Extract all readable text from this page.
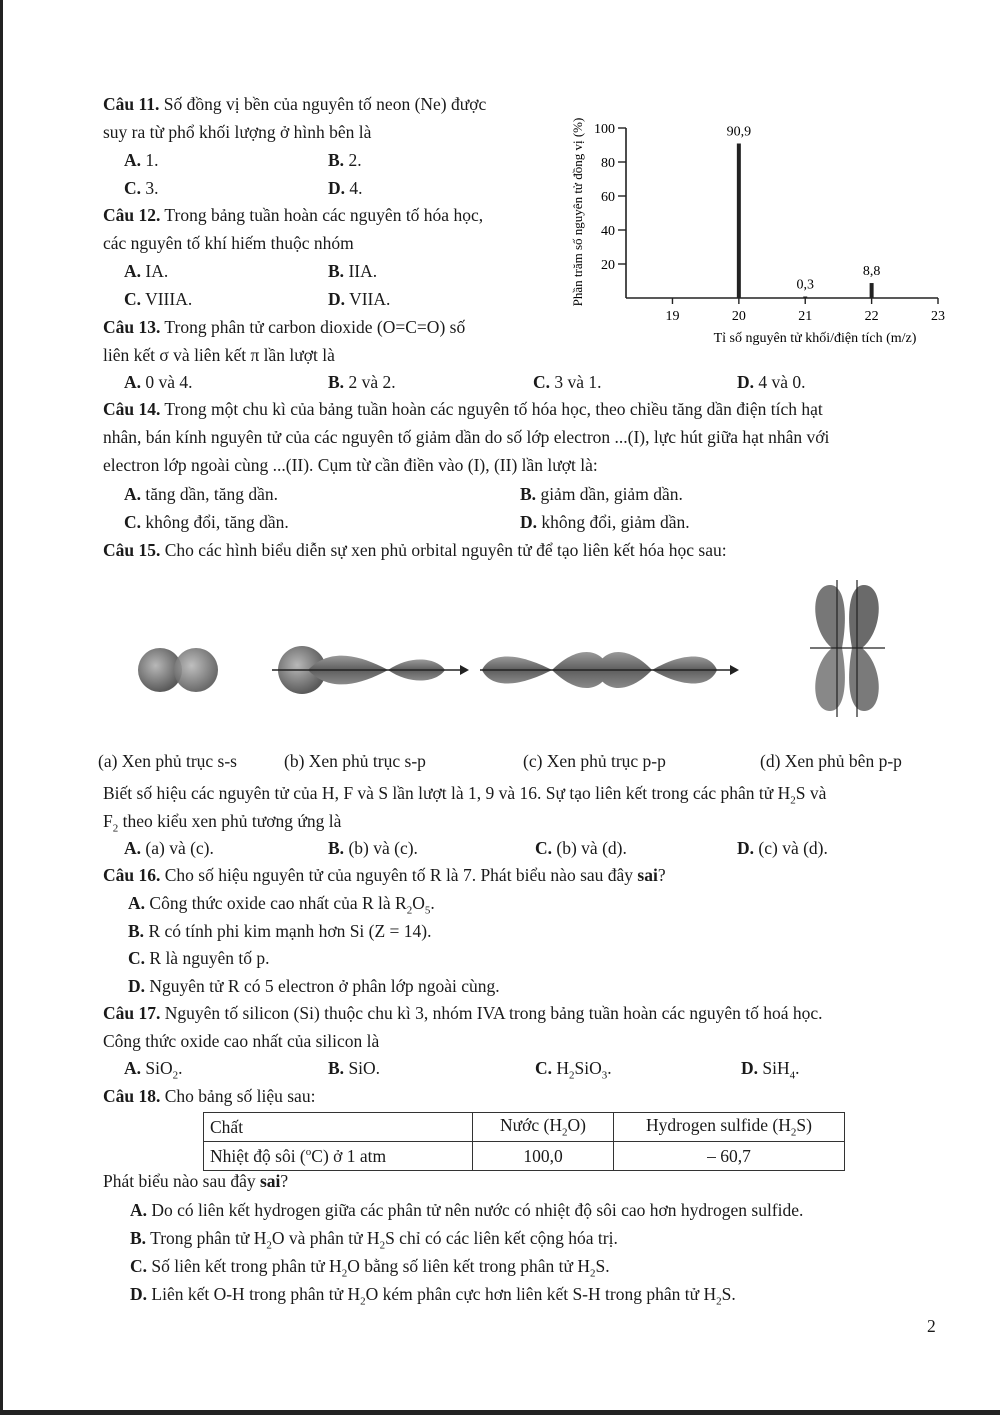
Câu 11. Số đồng vị bền của nguyên tố neon (Ne) được
suy ra từ phổ khối lượng ở hình bên là
A. 1.	B. 2.
C. 3.	D. 4.
Câu 12. Trong bảng tuần hoàn các nguyên tố hóa học,
các nguyên tố khí hiếm thuộc nhóm
A. IA.	B. IIA.
C. VIIIA.	D. VIIA.
Câu 13. Trong phân tử carbon dioxide (O=C=O) số
liên kết σ và liên kết π lần lượt là
A. 0 và 4.	B. 2 và 2.	C. 3 và 1.	D. 4 và 0.
Phần trăm số nguyên tử đồng vị (%)
Tỉ số nguyên tử khối/điện tích (m/z)
20
40
60
80
100
19	20	21	22	23
90,9
0,3
8,8
Câu 14. Trong một chu kì của bảng tuần hoàn các nguyên tố hóa học, theo chiều tăng dần điện tích hạt
nhân, bán kính nguyên tử của các nguyên tố giảm dần do số lớp electron ...(I), lực hút giữa hạt nhân với
electron lớp ngoài cùng ...(II). Cụm từ cần điền vào (I), (II) lần lượt là:
A. tăng dần, tăng dần.	B. giảm dần, giảm dần.
C. không đổi, tăng dần.	D. không đổi, giảm dần.
Câu 15. Cho các hình biểu diễn sự xen phủ orbital nguyên tử để tạo liên kết hóa học sau:
(a) Xen phủ trục s-s	(b) Xen phủ trục s-p	(c) Xen phủ trục p-p	(d) Xen phủ bên p-p
Biết số hiệu các nguyên tử của H, F và S lần lượt là 1, 9 và 16. Sự tạo liên kết trong các phân tử $H_2S$ và
$F_2$ theo kiểu xen phủ tương ứng là
A. (a) và (c).	B. (b) và (c).	C. (b) và (d).	D. (c) và (d).
Câu 16. Cho số hiệu nguyên tử của nguyên tố R là 7. Phát biểu nào sau đây sai?
A. Công thức oxide cao nhất của R là $R_2O_5$.
B. R có tính phi kim mạnh hơn Si (Z = 14).
C. R là nguyên tố p.
D. Nguyên tử R có 5 electron ở phân lớp ngoài cùng.
Câu 17. Nguyên tố silicon (Si) thuộc chu kì 3, nhóm IVA trong bảng tuần hoàn các nguyên tố hoá học.
Công thức oxide cao nhất của silicon là
A. SiO$_2$.	B. SiO.	C. $H_2SiO_3$.	D. SiH$_4$.
Câu 18. Cho bảng số liệu sau:
Chất	Nước $(H_2O)$	Hydrogen sulfide $(H_2S)$
Nhiệt độ sôi ($^o$C) ở 1 atm	100,0	– 60,7
Phát biểu nào sau đây sai?
A. Do có liên kết hydrogen giữa các phân tử nên nước có nhiệt độ sôi cao hơn hydrogen sulfide.
B. Trong phân tử $H_2O$ và phân tử $H_2S$ chỉ có các liên kết cộng hóa trị.
C. Số liên kết trong phân tử $H_2O$ bằng số liên kết trong phân tử $H_2S$.
D. Liên kết O-H trong phân tử $H_2O$ kém phân cực hơn liên kết S-H trong phân tử $H_2S$.
2
